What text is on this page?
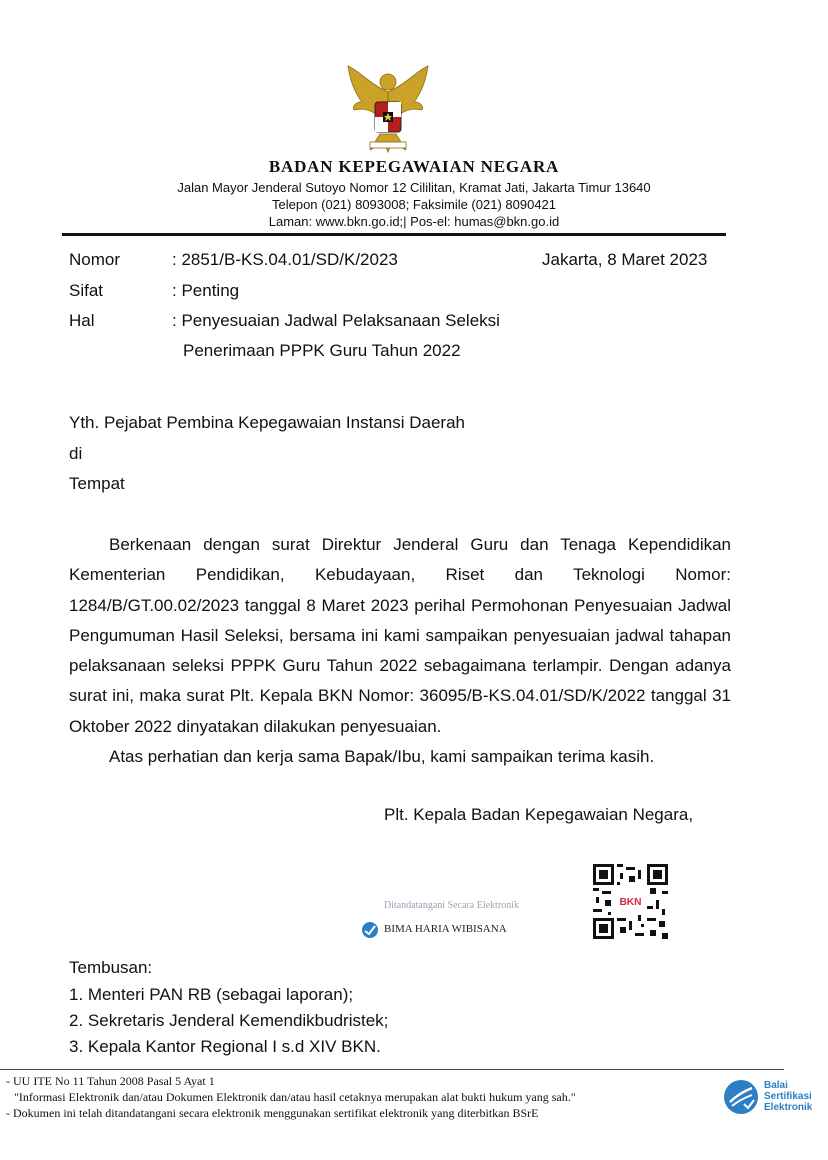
BADAN KEPEGAWAIAN NEGARA
Jalan Mayor Jenderal Sutoyo Nomor 12 Cililitan, Kramat Jati, Jakarta Timur 13640
Telepon (021) 8093008; Faksimile (021) 8090421
Laman: www.bkn.go.id;| Pos-el: humas@bkn.go.id
Nomor	: 2851/B-KS.04.01/SD/K/2023	Jakarta, 8 Maret 2023
Sifat	: Penting
Hal	: Penyesuaian Jadwal Pelaksanaan Seleksi
Penerimaan PPPK Guru Tahun 2022
Yth. Pejabat Pembina Kepegawaian Instansi Daerah
di
Tempat

Berkenaan dengan surat Direktur Jenderal Guru dan Tenaga Kependidikan Kementerian Pendidikan, Kebudayaan, Riset dan Teknologi Nomor: 1284/B/GT.00.02/2023 tanggal 8 Maret 2023 perihal Permohonan Penyesuaian Jadwal Pengumuman Hasil Seleksi, bersama ini kami sampaikan penyesuaian jadwal tahapan pelaksanaan seleksi PPPK Guru Tahun 2022 sebagaimana terlampir. Dengan adanya surat ini, maka surat Plt. Kepala BKN Nomor: 36095/B-KS.04.01/SD/K/2022 tanggal 31 Oktober 2022 dinyatakan dilakukan penyesuaian.

Atas perhatian dan kerja sama Bapak/Ibu, kami sampaikan terima kasih.

Plt. Kepala Badan Kepegawaian Negara,
Ditandatangani Secara Elektronik
BIMA HARIA WIBISANA
BKN
Tembusan:
1. Menteri PAN RB (sebagai laporan);
2. Sekretaris Jenderal Kemendikbudristek;
3. Kepala Kantor Regional I s.d XIV BKN.
- UU ITE No 11 Tahun 2008 Pasal 5 Ayat 1
"Informasi Elektronik dan/atau Dokumen Elektronik dan/atau hasil cetaknya merupakan alat bukti hukum yang sah."
- Dokumen ini telah ditandatangani secara elektronik menggunakan sertifikat elektronik yang diterbitkan BSrE
Balai
Sertifikasi
Elektronik
